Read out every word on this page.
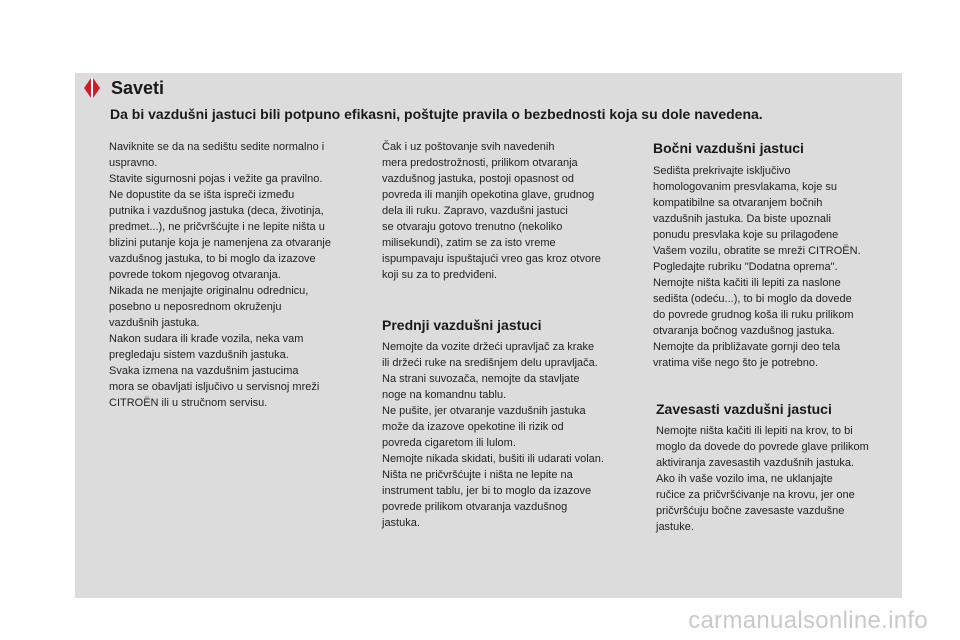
Saveti
Da bi vazdušni jastuci bili potpuno efikasni, poštujte pravila o bezbednosti koja su dole navedena.

Naviknite se da na sedištu sedite normalno i
uspravno.
Stavite sigurnosni pojas i vežite ga pravilno.
Ne dopustite da se išta ispreči između
putnika i vazdušnog jastuka (deca, životinja,
predmet...), ne pričvršćujte i ne lepite ništa u
blizini putanje koja je namenjena za otvaranje
vazdušnog jastuka, to bi moglo da izazove
povrede tokom njegovog otvaranja.
Nikada ne menjajte originalnu odrednicu,
posebno u neposrednom okruženju
vazdušnih jastuka.
Nakon sudara ili krađe vozila, neka vam
pregledaju sistem vazdušnih jastuka.
Svaka izmena na vazdušnim jastucima
mora se obavljati isljučivo u servisnoj mreži
CITROËN ili u stručnom servisu.

Čak i uz poštovanje svih navedenih
mera predostrožnosti, prilikom otvaranja
vazdušnog jastuka, postoji opasnost od
povreda ili manjih opekotina glave, grudnog
dela ili ruku. Zapravo, vazdušni jastuci
se otvaraju gotovo trenutno (nekoliko
milisekundi), zatim se za isto vreme
ispumpavaju ispuštajući vreo gas kroz otvore
koji su za to predviđeni.

Prednji vazdušni jastuci

Nemojte da vozite držeći upravljač za krake
ili držeći ruke na središnjem delu upravljača.
Na strani suvozača, nemojte da stavljate
noge na komandnu tablu.
Ne pušite, jer otvaranje vazdušnih jastuka
može da izazove opekotine ili rizik od
povreda cigaretom ili lulom.
Nemojte nikada skidati, bušiti ili udarati volan.
Ništa ne pričvršćujte i ništa ne lepite na
instrument tablu, jer bi to moglo da izazove
povrede prilikom otvaranja vazdušnog
jastuka.

Bočni vazdušni jastuci

Sedišta prekrivajte isključivo
homologovanim presvlakama, koje su
kompatibilne sa otvaranjem bočnih
vazdušnih jastuka. Da biste upoznali
ponudu presvlaka koje su prilagođene
Vašem vozilu, obratite se mreži CITROËN.
Pogledajte rubriku "Dodatna oprema".
Nemojte ništa kačiti ili lepiti za naslone
sedišta (odeću...), to bi moglo da dovede
do povrede grudnog koša ili ruku prilikom
otvaranja bočnog vazdušnog jastuka.
Nemojte da približavate gornji deo tela
vratima više nego što je potrebno.

Zavesasti vazdušni jastuci

Nemojte ništa kačiti ili lepiti na krov, to bi
moglo da dovede do povrede glave prilikom
aktiviranja zavesastih vazdušnih jastuka.
Ako ih vaše vozilo ima, ne uklanjajte
ručice za pričvršćivanje na krovu, jer one
pričvršćuju bočne zavesaste vazdušne
jastuke.

carmanualsonline.info
